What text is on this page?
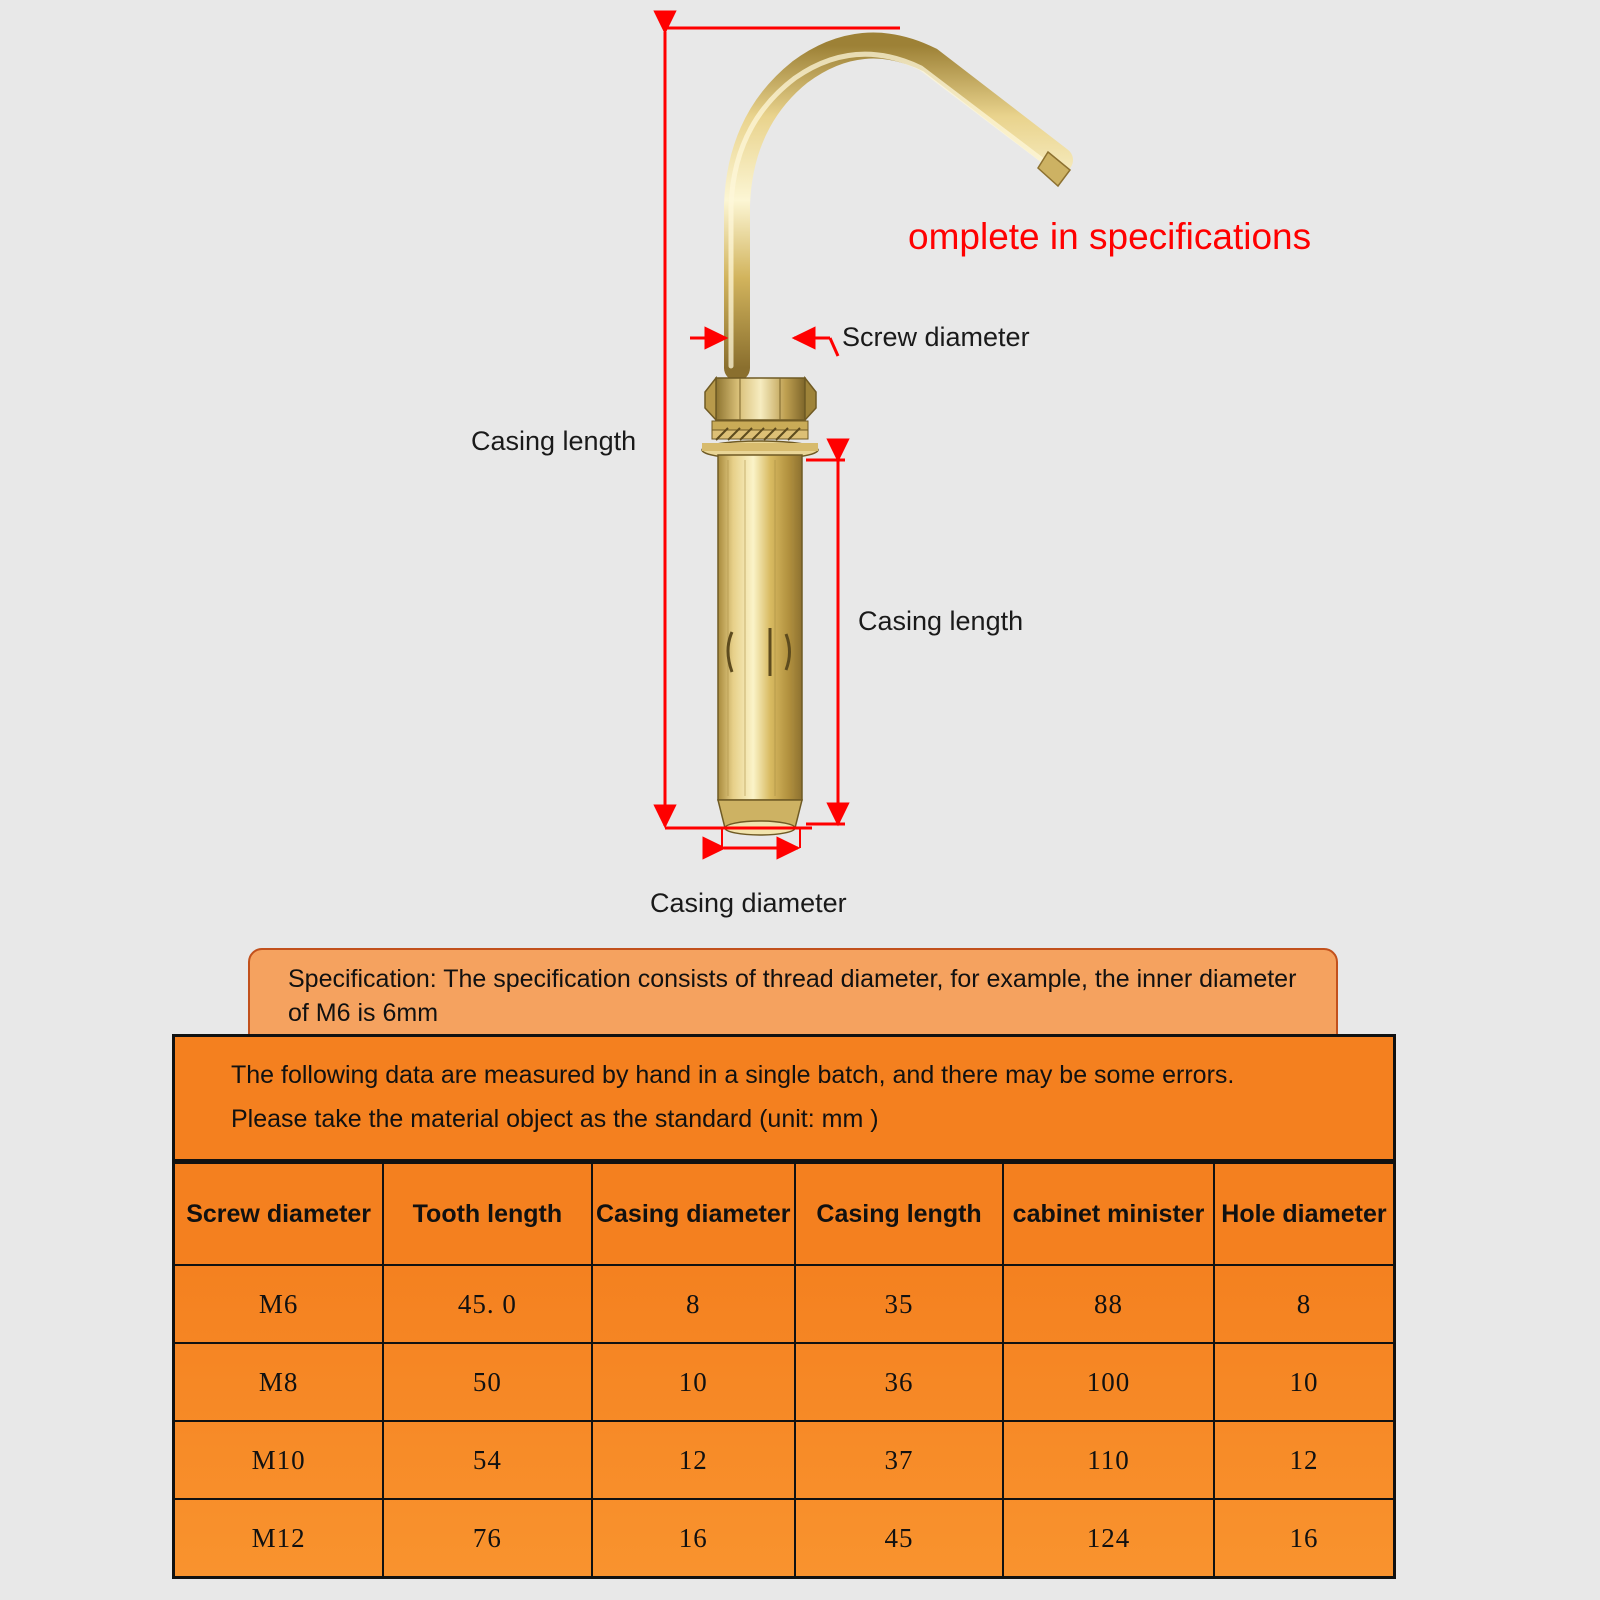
omplete in specifications
Screw diameter
Casing length
Casing length
Casing diameter
Specification: The specification consists of thread diameter, for example, the inner diameter of M6 is 6mm
The following data are measured by hand in a single batch, and there may be some errors.
Please take the material object as the standard (unit: mm )
Screw diameter	Tooth length	Casing diameter	Casing length	cabinet minister	Hole diameter
M6	45. 0	8	35	88	8
M8	50	10	36	100	10
M10	54	12	37	110	12
M12	76	16	45	124	16
